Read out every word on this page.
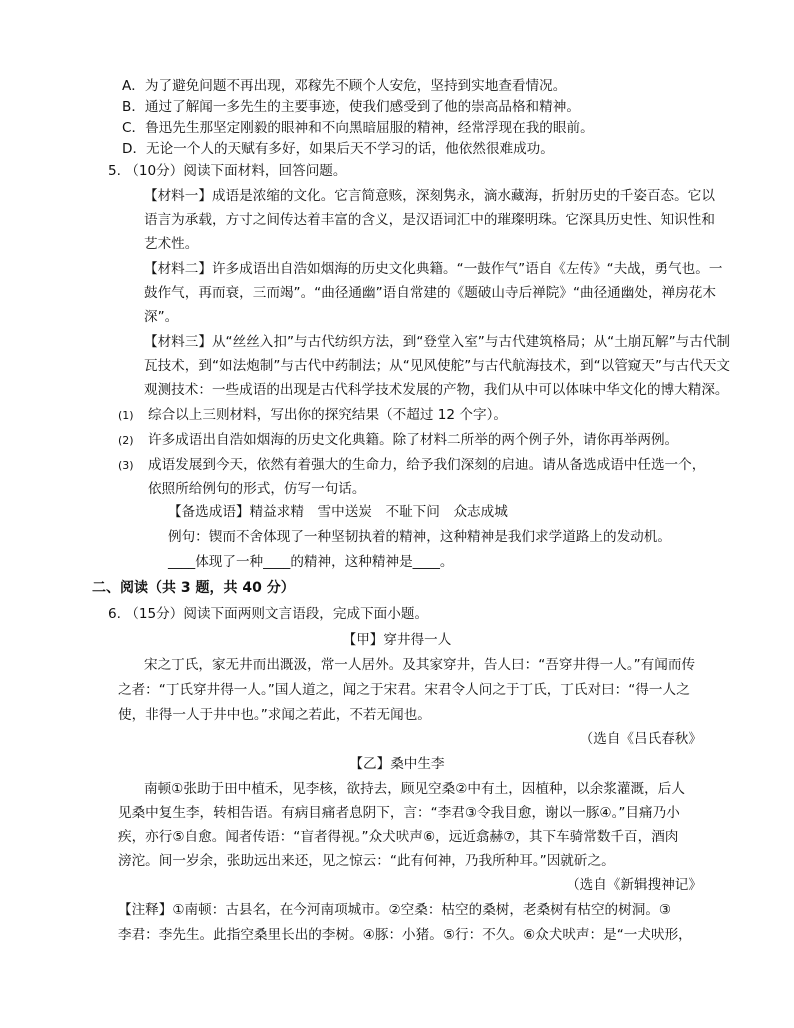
A．为了避免问题不再出现，邓稼先不顾个人安危，坚持到实地查看情况。
B．通过了解闻一多先生的主要事迹，使我们感受到了他的崇高品格和精神。
C．鲁迅先生那坚定刚毅的眼神和不向黑暗屈服的精神，经常浮现在我的眼前。
D．无论一个人的天赋有多好，如果后天不学习的话，他依然很难成功。
5. （10分）阅读下面材料，回答问题。
【材料一】成语是浓缩的文化。它言简意赅，深刻隽永，滴水藏海，折射历史的千姿百态。它以
语言为承载，方寸之间传达着丰富的含义，是汉语词汇中的璀璨明珠。它深具历史性、知识性和
艺术性。
【材料二】许多成语出自浩如烟海的历史文化典籍。“一鼓作气”语自《左传》“夫战，勇气也。一
鼓作气，再而衰，三而竭”。“曲径通幽”语自常建的《题破山寺后禅院》“曲径通幽处，禅房花木
深”。
【材料三】从“丝丝入扣”与古代纺织方法，到“登堂入室”与古代建筑格局；从“土崩瓦解”与古代制
瓦技术，到“如法炮制”与古代中药制法；从“见风使舵”与古代航海技术，到“以管窥天”与古代天文
观测技术：一些成语的出现是古代科学技术发展的产物，我们从中可以体味中华文化的博大精深。
(1) 综合以上三则材料，写出你的探究结果（不超过 12 个字）。
(2) 许多成语出自浩如烟海的历史文化典籍。除了材料二所举的两个例子外，请你再举两例。
(3) 成语发展到今天，依然有着强大的生命力，给予我们深刻的启迪。请从备选成语中任选一个，
依照所给例句的形式，仿写一句话。
【备选成语】精益求精　雪中送炭　不耻下问　众志成城
例句：锲而不舍体现了一种坚韧执着的精神，这种精神是我们求学道路上的发动机。
____体现了一种____的精神，这种精神是____。
二、阅读（共 3 题，共 40 分）
6. （15分）阅读下面两则文言语段，完成下面小题。
【甲】穿井得一人
宋之丁氏，家无井而出溉汲，常一人居外。及其家穿井，告人曰：“吾穿井得一人。”有闻而传
之者：“丁氏穿井得一人。”国人道之，闻之于宋君。宋君令人问之于丁氏，丁氏对曰：“得一人之
使，非得一人于井中也。”求闻之若此，不若无闻也。
（选自《吕氏春秋》
【乙】桑中生李
南顿①张助于田中植禾，见李核，欲持去，顾见空桑②中有土，因植种，以余浆灌溉，后人
见桑中复生李，转相告语。有病目痛者息阴下，言：“李君③令我目愈，谢以一豚④。”目痛乃小
疾，亦行⑤自愈。闻者传语：“盲者得视。”众犬吠声⑥，远近翕赫⑦，其下车骑常数千百，酒肉
滂沱。间一岁余，张助远出来还，见之惊云：“此有何神，乃我所种耳。”因就斫之。
（选自《新辑搜神记》
【注释】①南顿：古县名，在今河南项城市。②空桑：枯空的桑树，老桑树有枯空的树洞。③
李君：李先生。此指空桑里长出的李树。④豚：小猪。⑤行：不久。⑥众犬吠声：是“一犬吠形，
